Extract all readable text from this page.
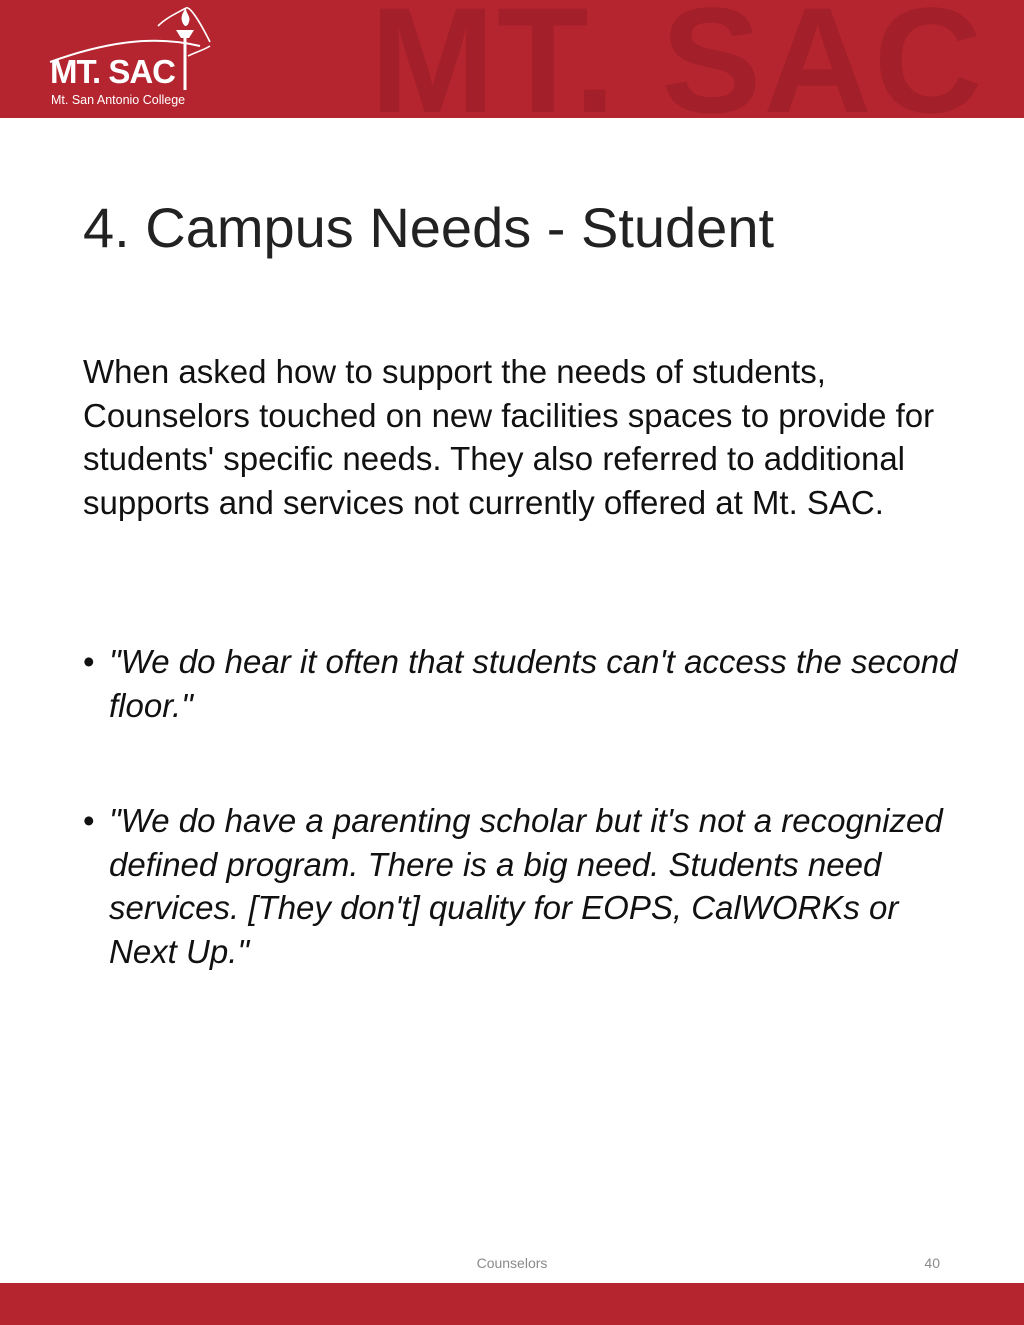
MT. SAC
MT. SAC
Mt. San Antonio College
4. Campus Needs - Student

When asked how to support the needs of students, Counselors touched on new facilities spaces to provide for students' specific needs. They also referred to additional supports and services not currently offered at Mt. SAC.

• "We do hear it often that students can't access the second floor."
• "We do have a parenting scholar but it's not a recognized defined program. There is a big need. Students need services. [They don't] quality for EOPS, CalWORKs or Next Up."
Counselors	40
